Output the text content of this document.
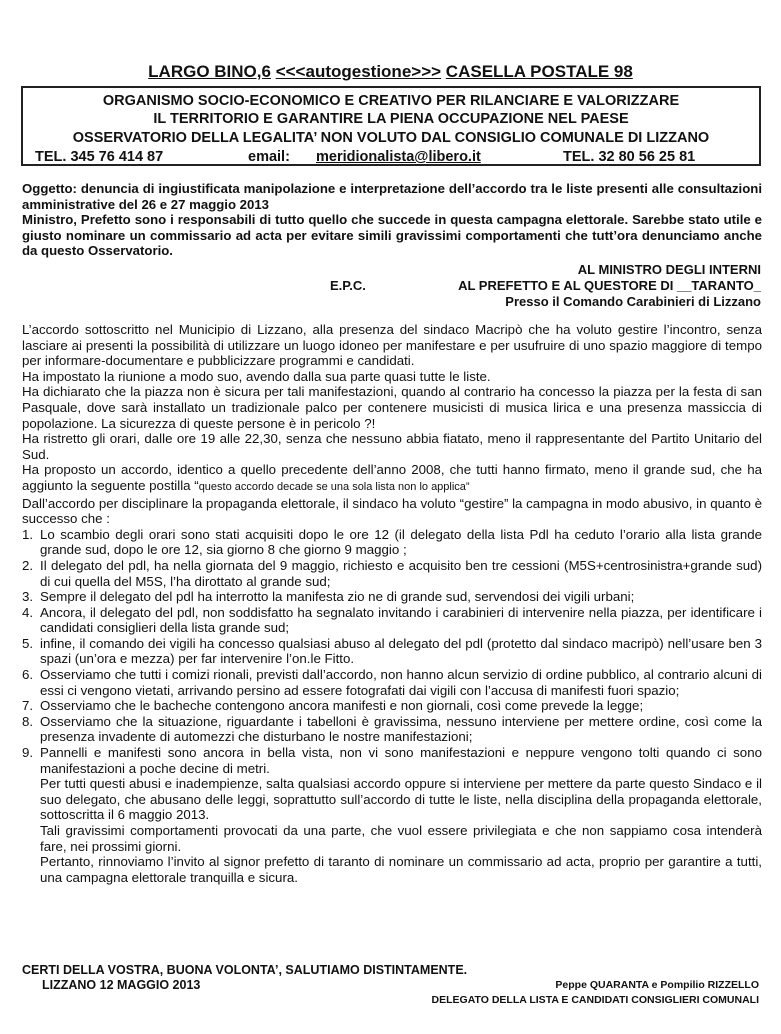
LARGO BINO,6 <<<autogestione>>> CASELLA POSTALE 98
ORGANISMO SOCIO-ECONOMICO E CREATIVO PER RILANCIARE E VALORIZZARE
IL TERRITORIO E GARANTIRE LA PIENA OCCUPAZIONE NEL PAESE
OSSERVATORIO DELLA LEGALITA’ NON VOLUTO DAL CONSIGLIO COMUNALE DI LIZZANO
TEL. 345 76 414 87	email: meridionalista@libero.it	TEL. 32 80 56 25 81

Oggetto: denuncia di ingiustificata manipolazione e interpretazione dell’accordo tra le liste presenti alle consultazioni amministrative del 26 e 27 maggio 2013

Ministro, Prefetto sono i responsabili di tutto quello che succede in questa campagna elettorale. Sarebbe stato utile e giusto nominare un commissario ad acta per evitare simili gravissimi comportamenti che tutt’ora denunciamo anche da questo Osservatorio.

AL MINISTRO DEGLI INTERNI
E.P.C.	AL PREFETTO E AL QUESTORE DI __TARANTO_
Presso il Comando Carabinieri di Lizzano

L’accordo sottoscritto nel Municipio di Lizzano, alla presenza del sindaco Macripò che ha voluto gestire l’incontro, senza lasciare ai presenti la possibilità di utilizzare un luogo idoneo per manifestare e per usufruire di uno spazio maggiore di tempo per informare-documentare e pubblicizzare programmi e candidati.

Ha impostato la riunione a modo suo, avendo dalla sua parte quasi tutte le liste.

Ha dichiarato che la piazza non è sicura per tali manifestazioni, quando al contrario ha concesso la piazza per la festa di san Pasquale, dove sarà installato un tradizionale palco per contenere musicisti di musica lirica e una presenza massiccia di popolazione. La sicurezza di queste persone è in pericolo ?!

Ha ristretto gli orari, dalle ore 19 alle 22,30, senza che nessuno abbia fiatato, meno il rappresentante del Partito Unitario del Sud.

Ha proposto un accordo, identico a quello precedente dell’anno 2008, che tutti hanno firmato, meno il grande sud, che ha aggiunto la seguente postilla “questo accordo decade se una sola lista non lo applica”

Dall’accordo per disciplinare la propaganda elettorale, il sindaco ha voluto “gestire” la campagna in modo abusivo, in quanto è successo che :

1. Lo scambio degli orari sono stati acquisiti dopo le ore 12 (il delegato della lista Pdl ha ceduto l’orario alla lista grande grande sud, dopo le ore 12, sia giorno 8 che giorno 9 maggio ;
2. Il delegato del pdl, ha nella giornata del 9 maggio, richiesto e acquisito ben tre cessioni (M5S+centrosinistra+grande sud) di cui quella del M5S, l’ha dirottato al grande sud;
3. Sempre il delegato del pdl ha interrotto la manifesta zio ne di grande sud, servendosi dei vigili urbani;
4. Ancora, il delegato del pdl, non soddisfatto ha segnalato invitando i carabinieri di intervenire nella piazza, per identificare i candidati consiglieri della lista grande sud;
5. infine, il comando dei vigili ha concesso qualsiasi abuso al delegato del pdl (protetto dal sindaco macripò) nell’usare ben 3 spazi (un’ora e mezza) per far intervenire l’on.le Fitto.
6. Osserviamo che tutti i comizi rionali, previsti dall’accordo, non hanno alcun servizio di ordine pubblico, al contrario alcuni di essi ci vengono vietati, arrivando persino ad essere fotografati dai vigili con l’accusa di manifesti fuori spazio;
7. Osserviamo che le bacheche contengono ancora manifesti e non giornali, così come prevede la legge;
8. Osserviamo che la situazione, riguardante i tabelloni è gravissima, nessuno interviene per mettere ordine, così come la presenza invadente di automezzi che disturbano le nostre manifestazioni;
9. Pannelli e manifesti sono ancora in bella vista, non vi sono manifestazioni e neppure vengono tolti quando ci sono manifestazioni a poche decine di metri.

Per tutti questi abusi e inadempienze, salta qualsiasi accordo oppure si interviene per mettere da parte questo Sindaco e il suo delegato, che abusano delle leggi, soprattutto sull’accordo di tutte le liste, nella disciplina della propaganda elettorale, sottoscritta il 6 maggio 2013.

Tali gravissimi comportamenti provocati da una parte, che vuol essere privilegiata e che non sappiamo cosa intenderà fare, nei prossimi giorni.

Pertanto, rinnoviamo l’invito al signor prefetto di taranto di nominare un commissario ad acta, proprio per garantire a tutti, una campagna elettorale tranquilla e sicura.

CERTI DELLA VOSTRA, BUONA VOLONTA’, SALUTIAMO DISTINTAMENTE.
LIZZANO 12 MAGGIO 2013	Peppe QUARANTA e Pompilio RIZZELLO
DELEGATO DELLA LISTA E CANDIDATI CONSIGLIERI COMUNALI
